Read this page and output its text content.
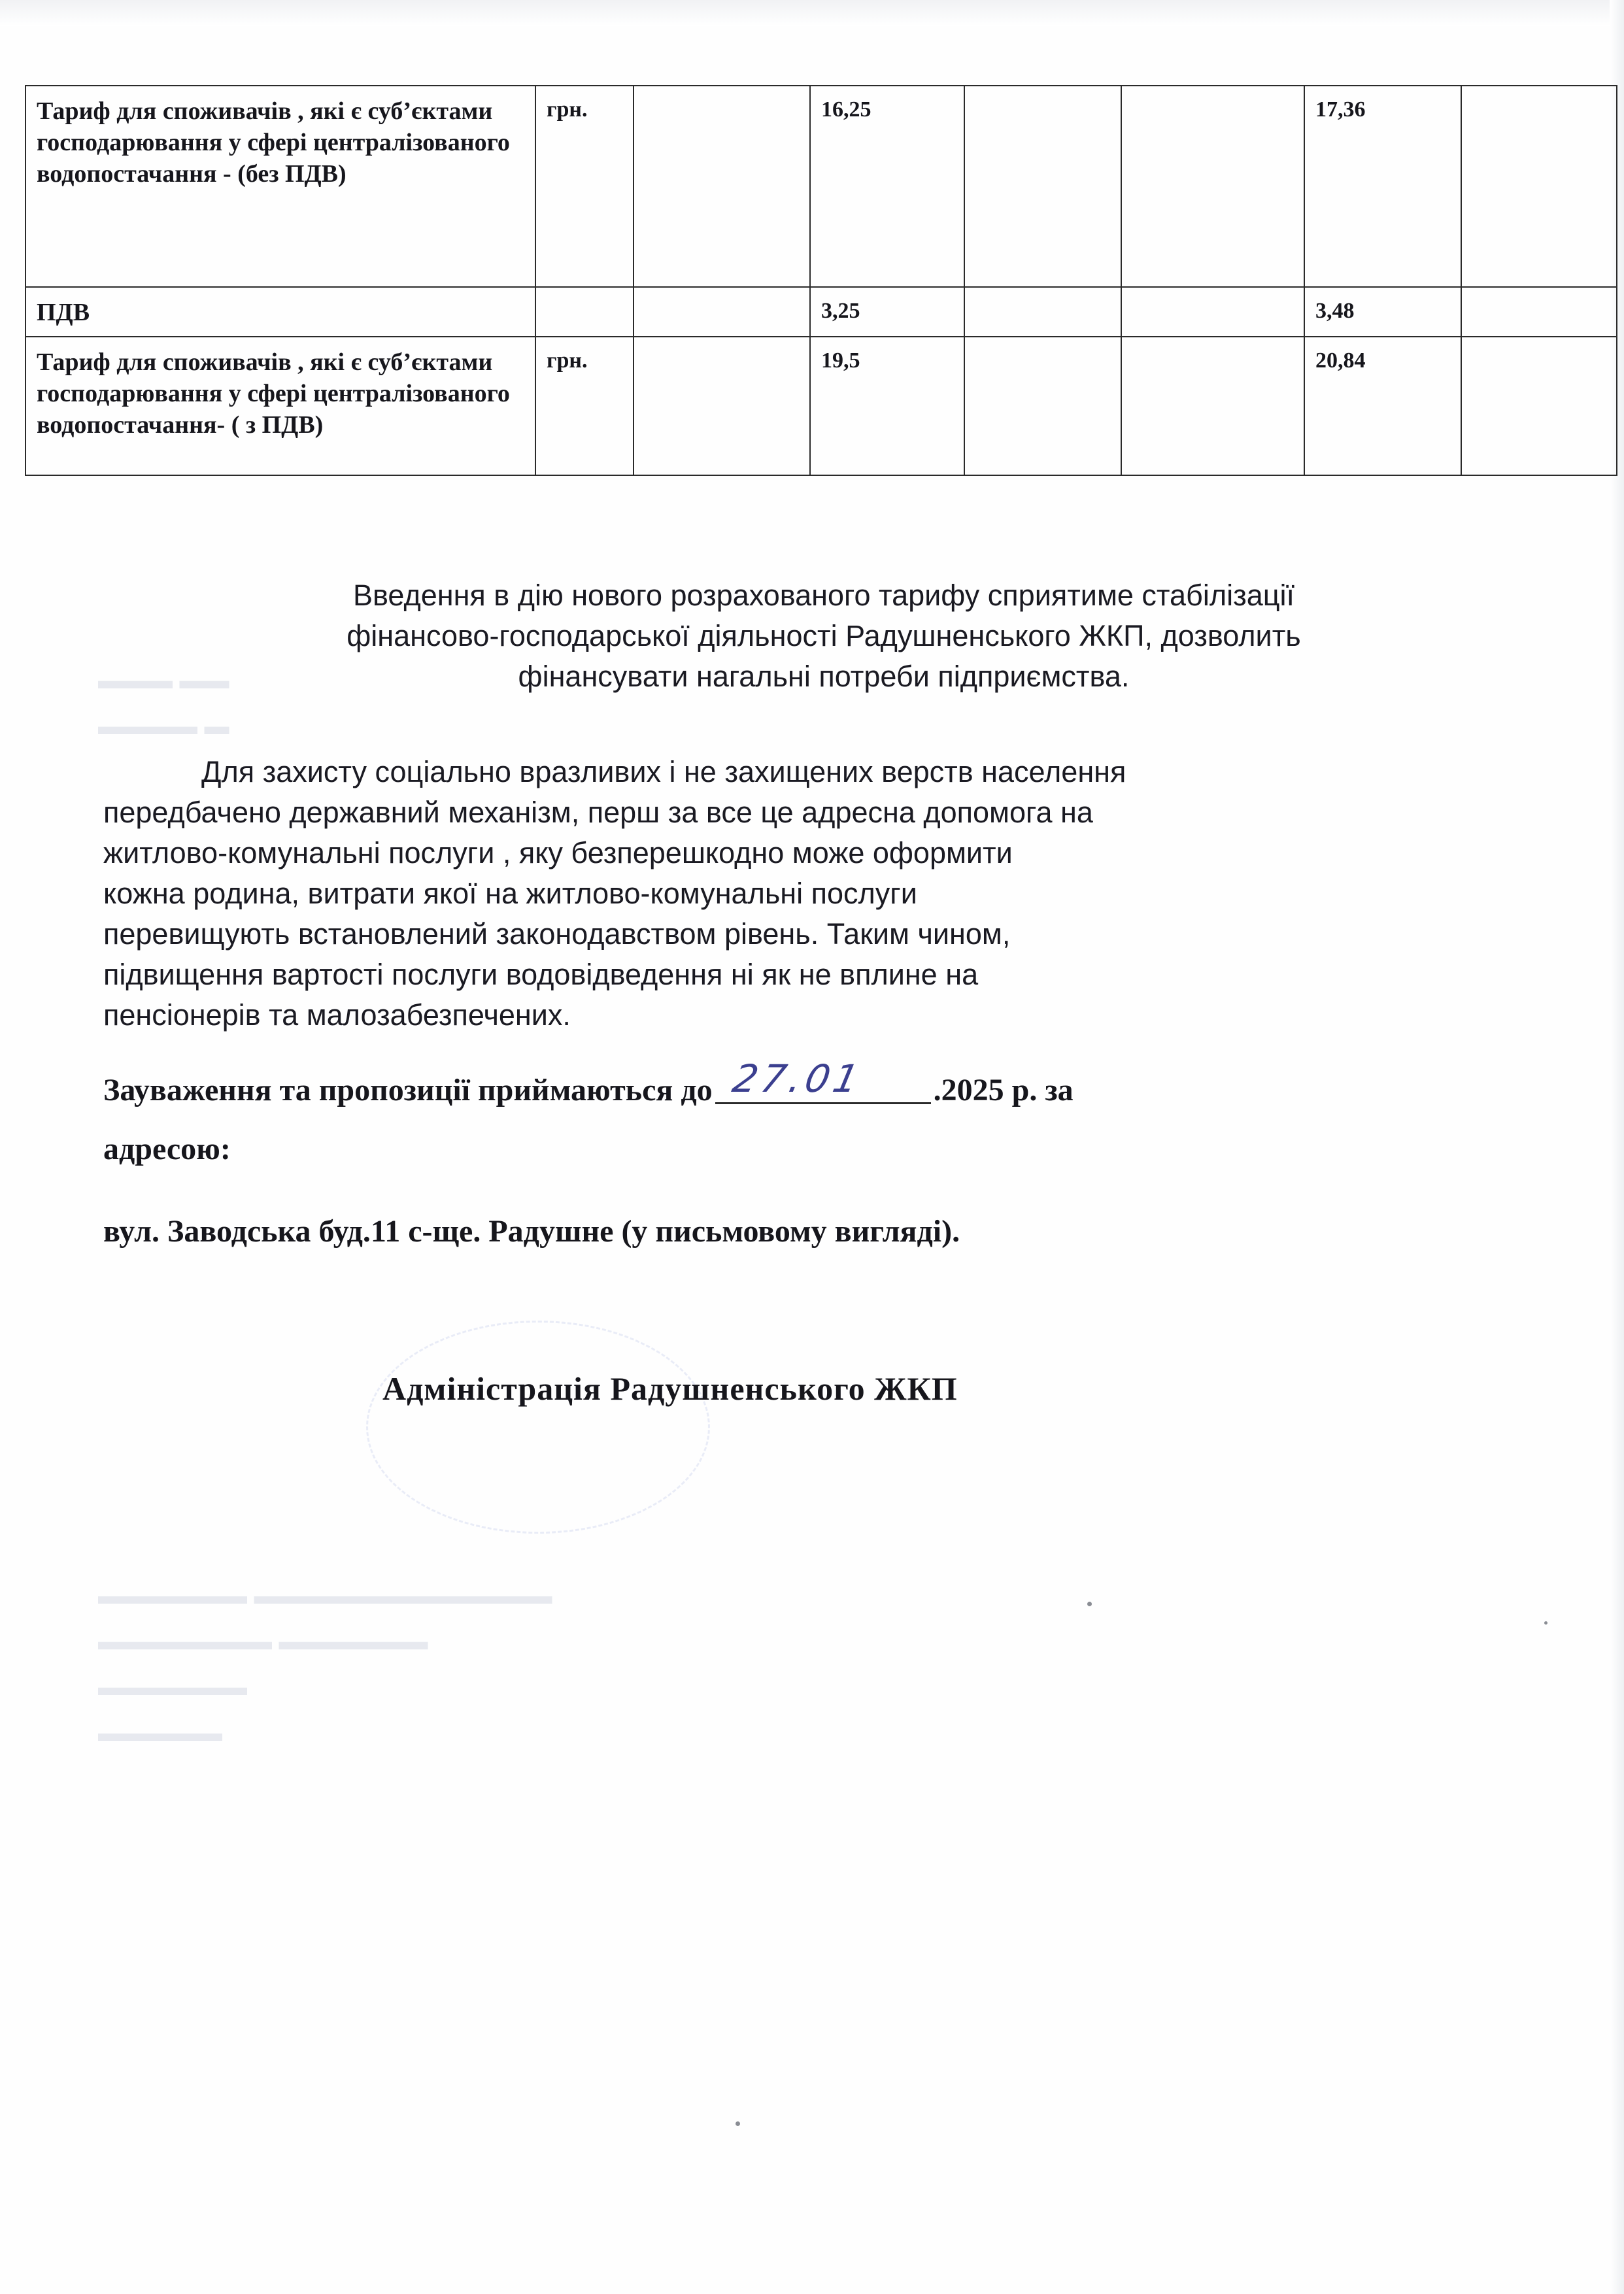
▬▬▬ ▬▬
▬▬▬▬ ▬
▬▬▬▬▬▬ ▬▬▬▬▬▬▬▬▬▬▬▬
▬▬▬▬▬▬▬ ▬▬▬▬▬▬
▬▬▬▬▬▬
▬▬▬▬▬
Тариф для споживачів , які є суб’єктами господарювання у сфері централізованого водопостачання - (без ПДВ)	грн.		16,25			17,36	
ПДВ			3,25			3,48	
Тариф для споживачів , які є суб’єктами господарювання у сфері централізованого водопостачання- ( з ПДВ)	грн.		19,5			20,84	
Введення в дію нового розрахованого тарифу сприятиме стабілізації
фінансово-господарської діяльності Радушненського ЖКП, дозволить
фінансувати нагальні потреби підприємства.
Для захисту соціально вразливих і не захищених верств населення
передбачено державний механізм, перш за все це адресна допомога на
житлово-комунальні послуги , яку безперешкодно може оформити
кожна родина, витрати якої на житлово-комунальні послуги
перевищують встановлений законодавством рівень. Таким чином,
підвищення вартості послуги водовідведення ні як не вплине на
пенсіонерів та малозабезпечених.
Зауваження та пропозиції приймаються до 27.01 .2025 р. за
адресою:
вул. Заводська буд.11 с-ще. Радушне (у письмовому вигляді).
Адміністрація Радушненського ЖКП
